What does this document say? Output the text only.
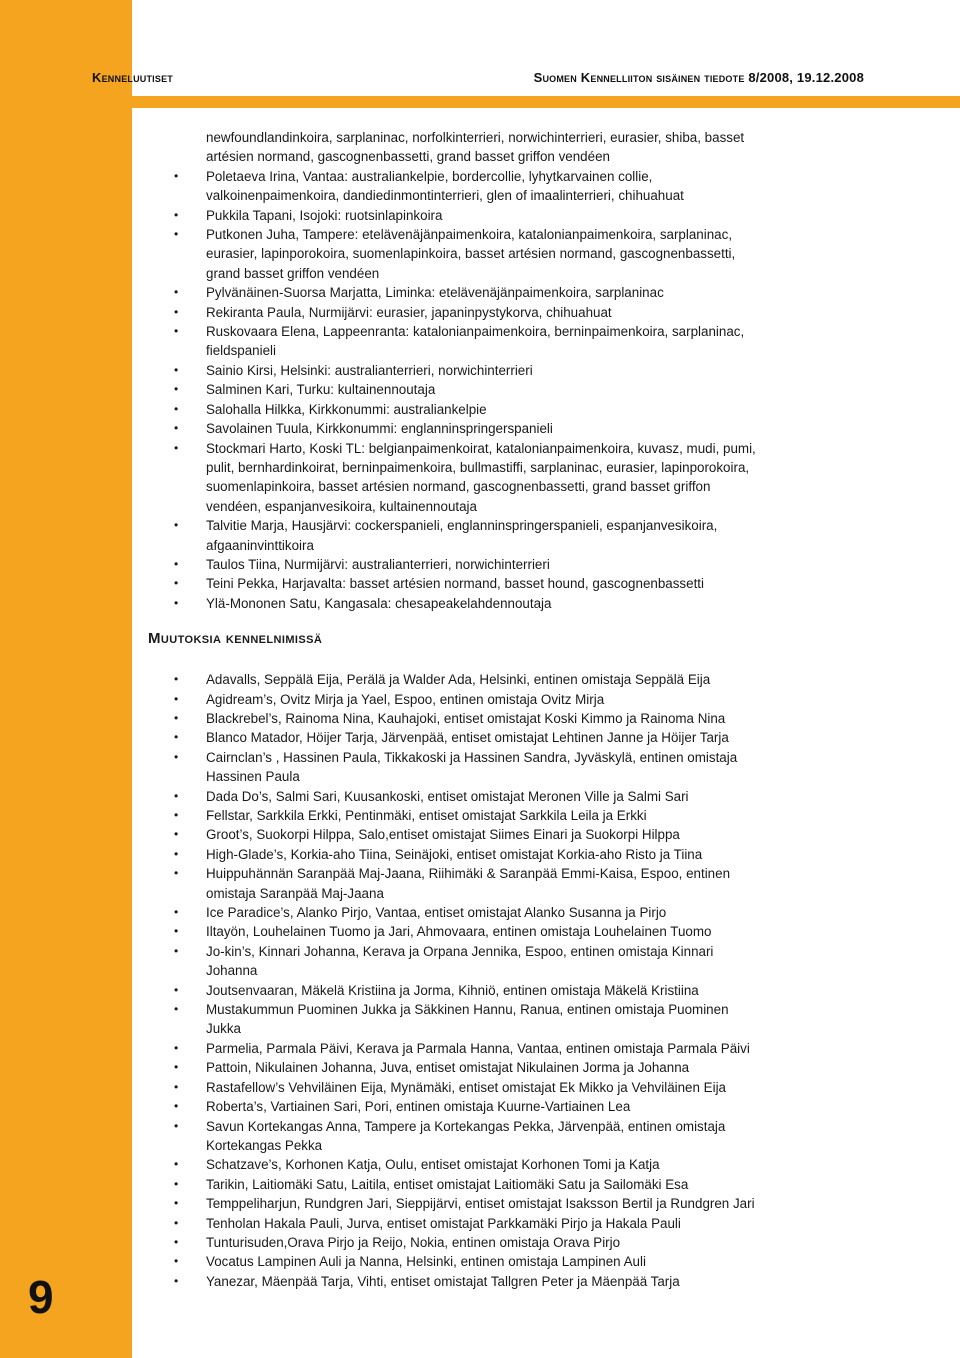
Kenneluutiset	Suomen Kennelliiton sisäinen tiedote 8/2008, 19.12.2008
newfoundlandinkoira, sarplaninac, norfolkinterrieri, norwichinterrieri, eurasier, shiba, basset
artésien normand, gascognenbassetti, grand basset griffon vendéen
• Poletaeva Irina, Vantaa: australiankelpie, bordercollie, lyhytkarvainen collie,
valkoinenpaimenkoira, dandiedinmontinterrieri, glen of imaalinterrieri, chihuahuat
• Pukkila Tapani, Isojoki: ruotsinlapinkoira
• Putkonen Juha, Tampere: etelävenäjänpaimenkoira, katalonianpaimenkoira, sarplaninac,
eurasier, lapinporokoira, suomenlapinkoira, basset artésien normand, gascognenbassetti,
grand basset griffon vendéen
• Pylvänäinen-Suorsa Marjatta, Liminka: etelävenäjänpaimenkoira, sarplaninac
• Rekiranta Paula, Nurmijärvi: eurasier, japaninpystykorva, chihuahuat
• Ruskovaara Elena, Lappeenranta: katalonianpaimenkoira, berninpaimenkoira, sarplaninac,
fieldspanieli
• Sainio Kirsi, Helsinki: australianterrieri, norwichinterrieri
• Salminen Kari, Turku: kultainennoutaja
• Salohalla Hilkka, Kirkkonummi: australiankelpie
• Savolainen Tuula, Kirkkonummi: englanninspringerspanieli
• Stockmari Harto, Koski TL: belgianpaimenkoirat, katalonianpaimenkoira, kuvasz, mudi, pumi,
pulit, bernhardinkoirat, berninpaimenkoira, bullmastiffi, sarplaninac, eurasier, lapinporokoira,
suomenlapinkoira, basset artésien normand, gascognenbassetti, grand basset griffon
vendéen, espanjanvesikoira, kultainennoutaja
• Talvitie Marja, Hausjärvi: cockerspanieli, englanninspringerspanieli, espanjanvesikoira,
afgaaninvinttikoira
• Taulos Tiina, Nurmijärvi: australianterrieri, norwichinterrieri
• Teini Pekka, Harjavalta: basset artésien normand, basset hound, gascognenbassetti
• Ylä-Mononen Satu, Kangasala: chesapeakelahdennoutaja
Muutoksia kennelnimissä
• Adavalls, Seppälä Eija, Perälä ja Walder Ada, Helsinki, entinen omistaja Seppälä Eija
• Agidream’s, Ovitz Mirja ja Yael, Espoo, entinen omistaja Ovitz Mirja
• Blackrebel’s, Rainoma Nina, Kauhajoki, entiset omistajat Koski Kimmo ja Rainoma Nina
• Blanco Matador, Höijer Tarja, Järvenpää, entiset omistajat Lehtinen Janne ja Höijer Tarja
• Cairnclan’s , Hassinen Paula, Tikkakoski ja Hassinen Sandra, Jyväskylä, entinen omistaja
Hassinen Paula
• Dada Do’s, Salmi Sari, Kuusankoski, entiset omistajat Meronen Ville ja Salmi Sari
• Fellstar, Sarkkila Erkki, Pentinmäki, entiset omistajat Sarkkila Leila ja Erkki
• Groot’s, Suokorpi Hilppa, Salo,entiset omistajat Siimes Einari ja Suokorpi Hilppa
• High-Glade’s, Korkia-aho Tiina, Seinäjoki, entiset omistajat Korkia-aho Risto ja Tiina
• Huippuhännän Saranpää Maj-Jaana, Riihimäki & Saranpää Emmi-Kaisa, Espoo, entinen
omistaja Saranpää Maj-Jaana
• Ice Paradice’s, Alanko Pirjo, Vantaa, entiset omistajat Alanko Susanna ja Pirjo
• Iltayön, Louhelainen Tuomo ja Jari, Ahmovaara, entinen omistaja Louhelainen Tuomo
• Jo-kin’s, Kinnari Johanna, Kerava ja Orpana Jennika, Espoo, entinen omistaja Kinnari
Johanna
• Joutsenvaaran, Mäkelä Kristiina ja Jorma, Kihniö, entinen omistaja Mäkelä Kristiina
• Mustakummun Puominen Jukka ja Säkkinen Hannu, Ranua, entinen omistaja Puominen
Jukka
• Parmelia, Parmala Päivi, Kerava ja Parmala Hanna, Vantaa, entinen omistaja Parmala Päivi
• Pattoin, Nikulainen Johanna, Juva, entiset omistajat Nikulainen Jorma ja Johanna
• Rastafellow’s Vehviläinen Eija, Mynämäki, entiset omistajat Ek Mikko ja Vehviläinen Eija
• Roberta’s, Vartiainen Sari, Pori, entinen omistaja Kuurne-Vartiainen Lea
• Savun Kortekangas Anna, Tampere ja Kortekangas Pekka, Järvenpää, entinen omistaja
Kortekangas Pekka
• Schatzave’s, Korhonen Katja, Oulu, entiset omistajat Korhonen Tomi ja Katja
• Tarikin, Laitiomäki Satu, Laitila, entiset omistajat Laitiomäki Satu ja Sailomäki Esa
• Temppeliharjun, Rundgren Jari, Sieppijärvi, entiset omistajat Isaksson Bertil ja Rundgren Jari
• Tenholan Hakala Pauli, Jurva, entiset omistajat Parkkamäki Pirjo ja Hakala Pauli
• Tunturisuden,Orava Pirjo ja Reijo, Nokia, entinen omistaja Orava Pirjo
• Vocatus Lampinen Auli ja Nanna, Helsinki, entinen omistaja Lampinen Auli
• Yanezar, Mäenpää Tarja, Vihti, entiset omistajat Tallgren Peter ja Mäenpää Tarja
9
